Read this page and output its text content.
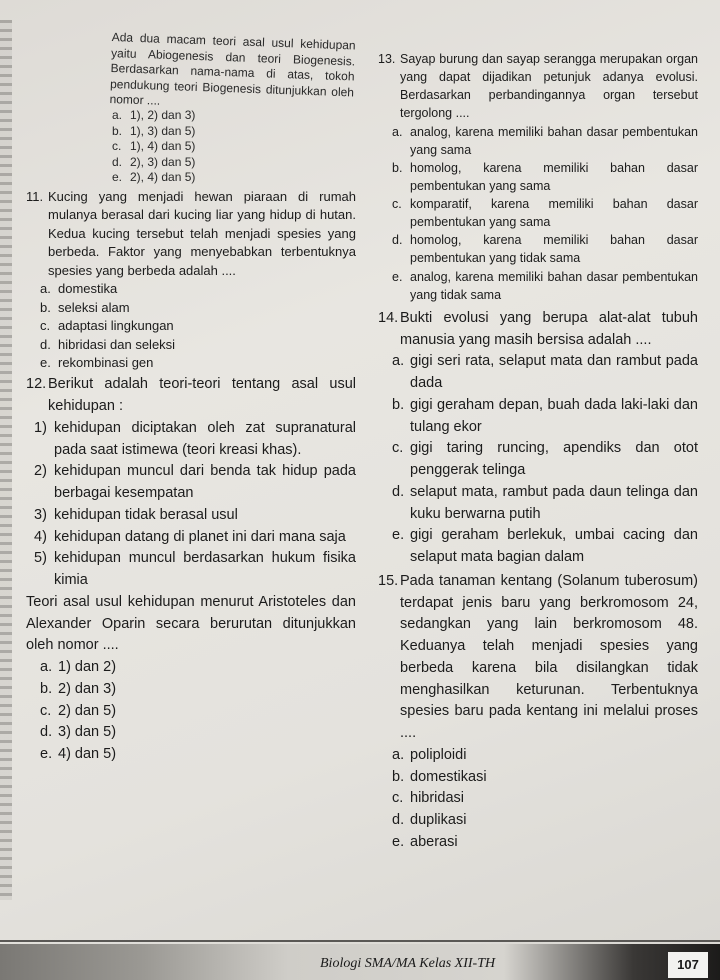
Ada dua macam teori asal usul kehidupan yaitu Abiogenesis dan teori Biogenesis. Berdasarkan nama-nama di atas, tokoh pendukung teori Biogenesis ditunjukkan oleh nomor ....
a. 1), 2) dan 3)
b. 1), 3) dan 5)
c. 1), 4) dan 5)
d. 2), 3) dan 5)
e. 2), 4) dan 5)
11. Kucing yang menjadi hewan piaraan di rumah mulanya berasal dari kucing liar yang hidup di hutan. Kedua kucing tersebut telah menjadi spesies yang berbeda. Faktor yang menyebabkan terbentuknya spesies yang berbeda adalah ....
a. domestika
b. seleksi alam
c. adaptasi lingkungan
d. hibridasi dan seleksi
e. rekombinasi gen
12. Berikut adalah teori-teori tentang asal usul kehidupan :
1) kehidupan diciptakan oleh zat supranatural pada saat istimewa (teori kreasi khas).
2) kehidupan muncul dari benda tak hidup pada berbagai kesempatan
3) kehidupan tidak berasal usul
4) kehidupan datang di planet ini dari mana saja
5) kehidupan muncul berdasarkan hukum fisika kimia
Teori asal usul kehidupan menurut Aristoteles dan Alexander Oparin secara berurutan ditunjukkan oleh nomor ....
a. 1) dan 2)
b. 2) dan 3)
c. 2) dan 5)
d. 3) dan 5)
e. 4) dan 5)
13. Sayap burung dan sayap serangga merupakan organ yang dapat dijadikan petunjuk adanya evolusi. Berdasarkan perbandingannya organ tersebut tergolong ....
a. analog, karena memiliki bahan dasar pembentukan yang sama
b. homolog, karena memiliki bahan dasar pembentukan yang sama
c. komparatif, karena memiliki bahan dasar pembentukan yang sama
d. homolog, karena memiliki bahan dasar pembentukan yang tidak sama
e. analog, karena memiliki bahan dasar pembentukan yang tidak sama
14. Bukti evolusi yang berupa alat-alat tubuh manusia yang masih bersisa adalah ....
a. gigi seri rata, selaput mata dan rambut pada dada
b. gigi geraham depan, buah dada laki-laki dan tulang ekor
c. gigi taring runcing, apendiks dan otot penggerak telinga
d. selaput mata, rambut pada daun telinga dan kuku berwarna putih
e. gigi geraham berlekuk, umbai cacing dan selaput mata bagian dalam
15. Pada tanaman kentang (Solanum tuberosum) terdapat jenis baru yang berkromosom 24, sedangkan yang lain berkromosom 48. Keduanya telah menjadi spesies yang berbeda karena bila disilangkan tidak menghasilkan keturunan. Terbentuknya spesies baru pada kentang ini melalui proses ....
a. poliploidi
b. domestikasi
c. hibridasi
d. duplikasi
e. aberasi
Biologi SMA/MA Kelas XII-TH	107
